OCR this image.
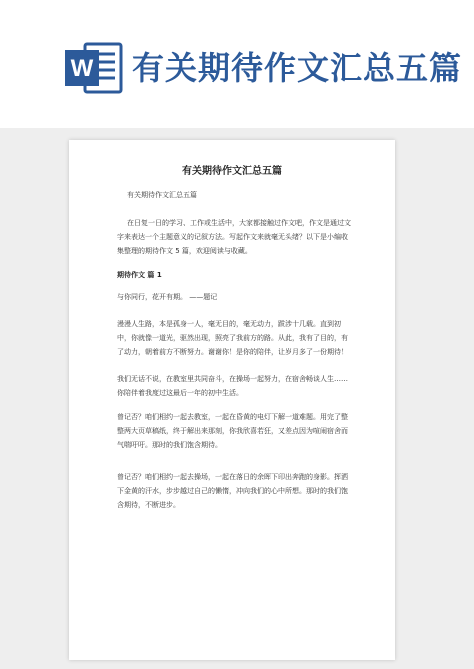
W 有关期待作文汇总五篇
有关期待作文汇总五篇

有关期待作文汇总五篇

在日复一日的学习、工作或生活中，大家都接触过作文吧，作文是通过文字来表达一个主题意义的记叙方法。写起作文来就毫无头绪？以下是小编收集整理的期待作文 5 篇，欢迎阅读与收藏。

期待作文 篇 1

与你同行，花开有期。 ——题记

漫漫人生路，本是孤身一人，毫无目的，毫无动力，跋涉十几载。直到初中，你就像一道光，驱然出现，照亮了我前方的路。从此，我有了目的，有了动力，朝着前方不断努力。谢谢你！是你的陪伴，让岁月多了一份期待！

我们无话不说，在教室里共同奋斗，在操场一起努力，在宿舍畅谈人生……你陪伴着我度过这最后一年的初中生活。

曾记否？咱们相约一起去教室，一起在昏黄的电灯下解一道难题。用完了整整两大页草稿纸，终于解出来那刻，你我欣喜若狂，又差点因为喧闹宿舍而气喘吁吁。那时的我们饱含期待。

曾记否？咱们相约一起去操场，一起在落日的余晖下印出奔跑的身影。挥洒下金黄的汗水，步步越过自己的懒惰，冲向我们的心中所想。那时的我们饱含期待，不断进步。
